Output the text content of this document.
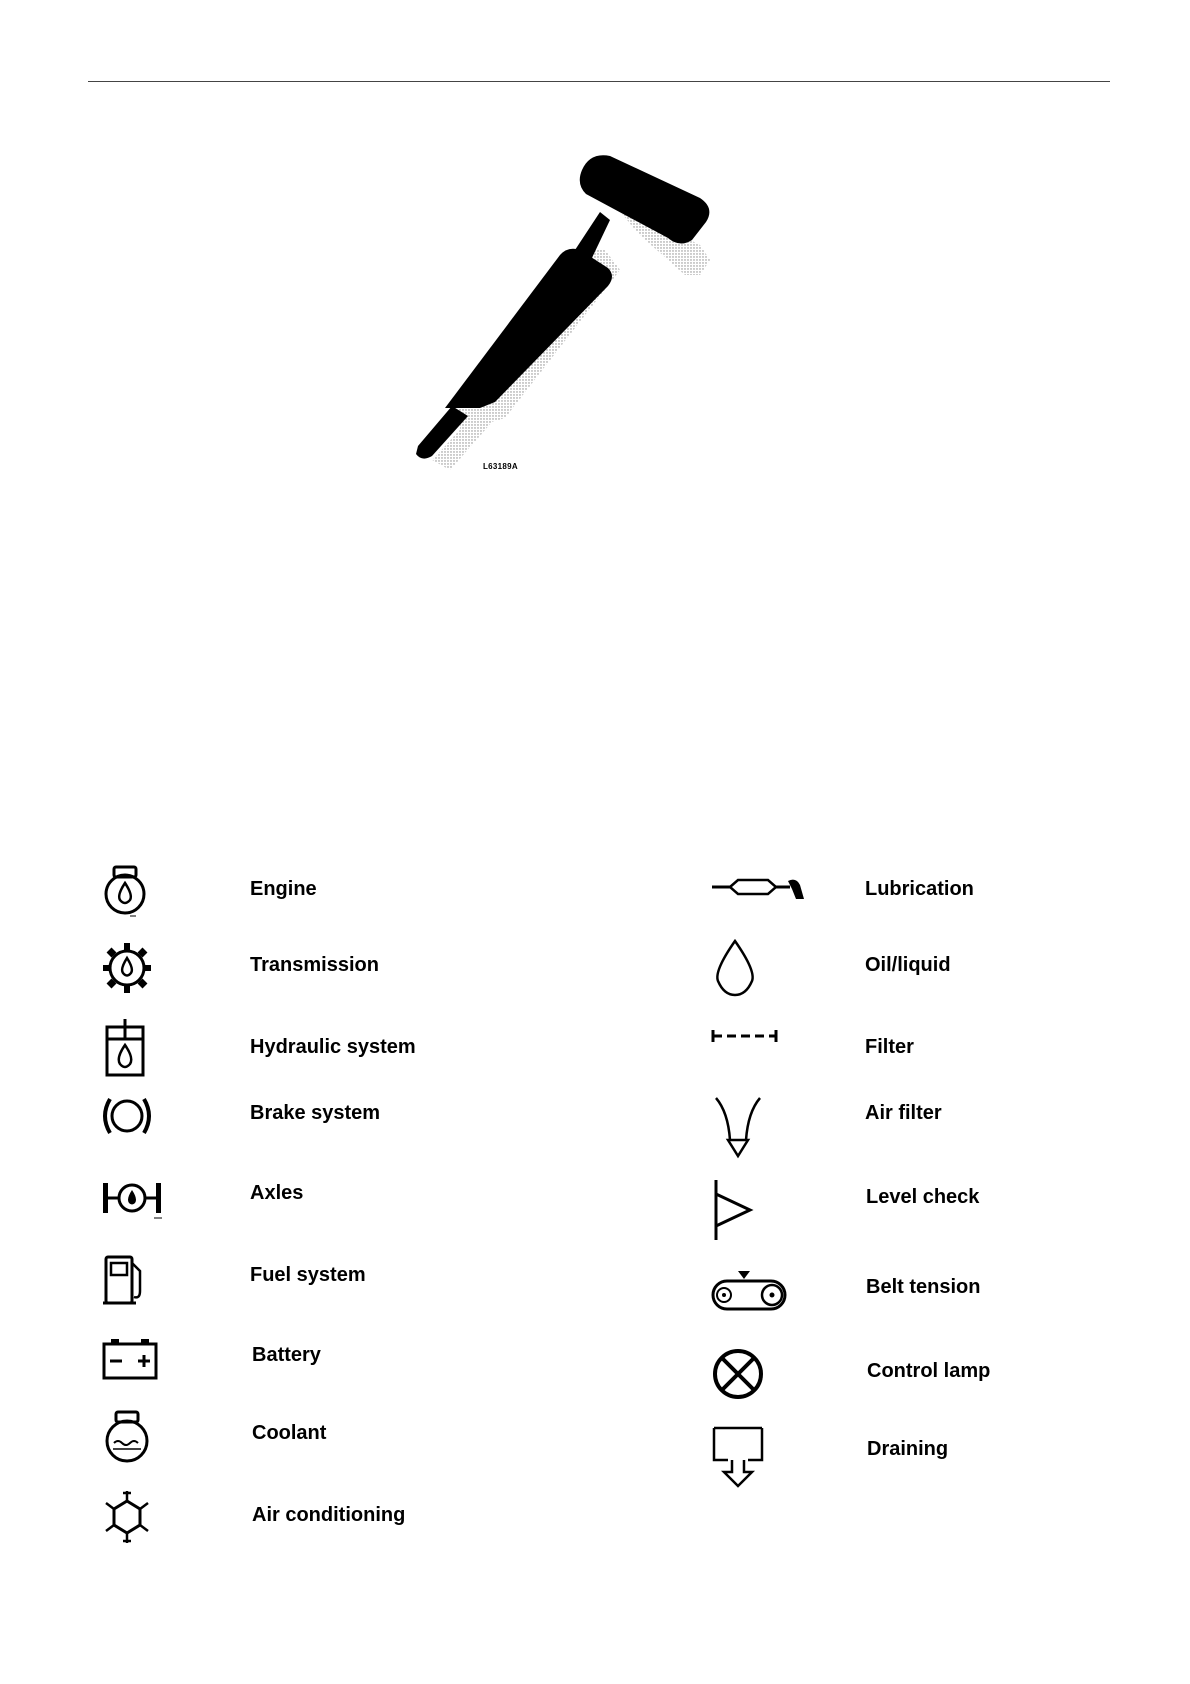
L63189A
Engine
Transmission
Hydraulic system
Brake system
Axles
Fuel system
Battery
Coolant
Air conditioning
Lubrication
Oil/liquid
Filter
Air filter
Level check
Belt tension
Control lamp
Draining
